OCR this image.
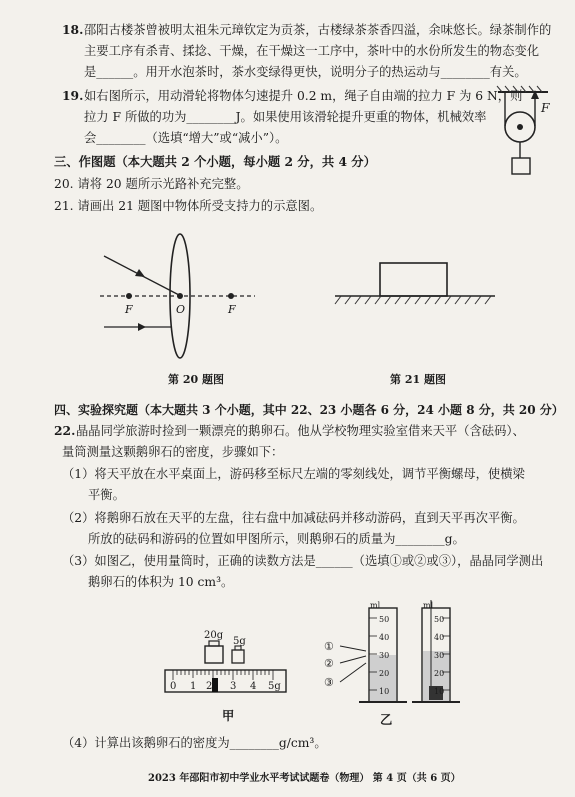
18. 邵阳古楼茶曾被明太祖朱元璋钦定为贡茶，古楼绿茶茶香四溢，余味悠长。绿茶制作的
主要工序有杀青、揉捻、干燥，在干燥这一工序中，茶叶中的水份所发生的物态变化
是______。用开水泡茶时，茶水变绿得更快，说明分子的热运动与________有关。
19. 如右图所示，用动滑轮将物体匀速提升 0.2 m，绳子自由端的拉力 F 为 6 N，则
拉力 F 所做的功为________J。如果使用该滑轮提升更重的物体，机械效率
会________（选填“增大”或“减小”）。
F
三、作图题（本大题共 2 个小题，每小题 2 分，共 4 分）
20. 请将 20 题所示光路补充完整。
21. 请画出 21 题图中物体所受支持力的示意图。
F	O	F
第 20 题图	第 21 题图
四、实验探究题（本大题共 3 个小题，其中 22、23 小题各 6 分，24 小题 8 分，共 20 分）
22. 晶晶同学旅游时捡到一颗漂亮的鹅卵石。他从学校物理实验室借来天平（含砝码）、
量筒测量这颗鹅卵石的密度，步骤如下：
（1）将天平放在水平桌面上，游码移至标尺左端的零刻线处，调节平衡螺母，使横梁
平衡。
（2）将鹅卵石放在天平的左盘，往右盘中加减砝码并移动游码，直到天平再次平衡。
所放的砝码和游码的位置如甲图所示，则鹅卵石的质量为________g。
（3）如图乙，使用量筒时，正确的读数方法是______（选填①或②或③），晶晶同学测出
鹅卵石的体积为 10 cm³。
20g
5g
0 1 2 3 4 5g
甲
ml
50
40
30
20
10
ml
50
40
30
20
10
①
②
③
乙
（4）计算出该鹅卵石的密度为________g/cm³。
2023 年邵阳市初中学业水平考试试题卷（物理） 第 4 页（共 6 页）
